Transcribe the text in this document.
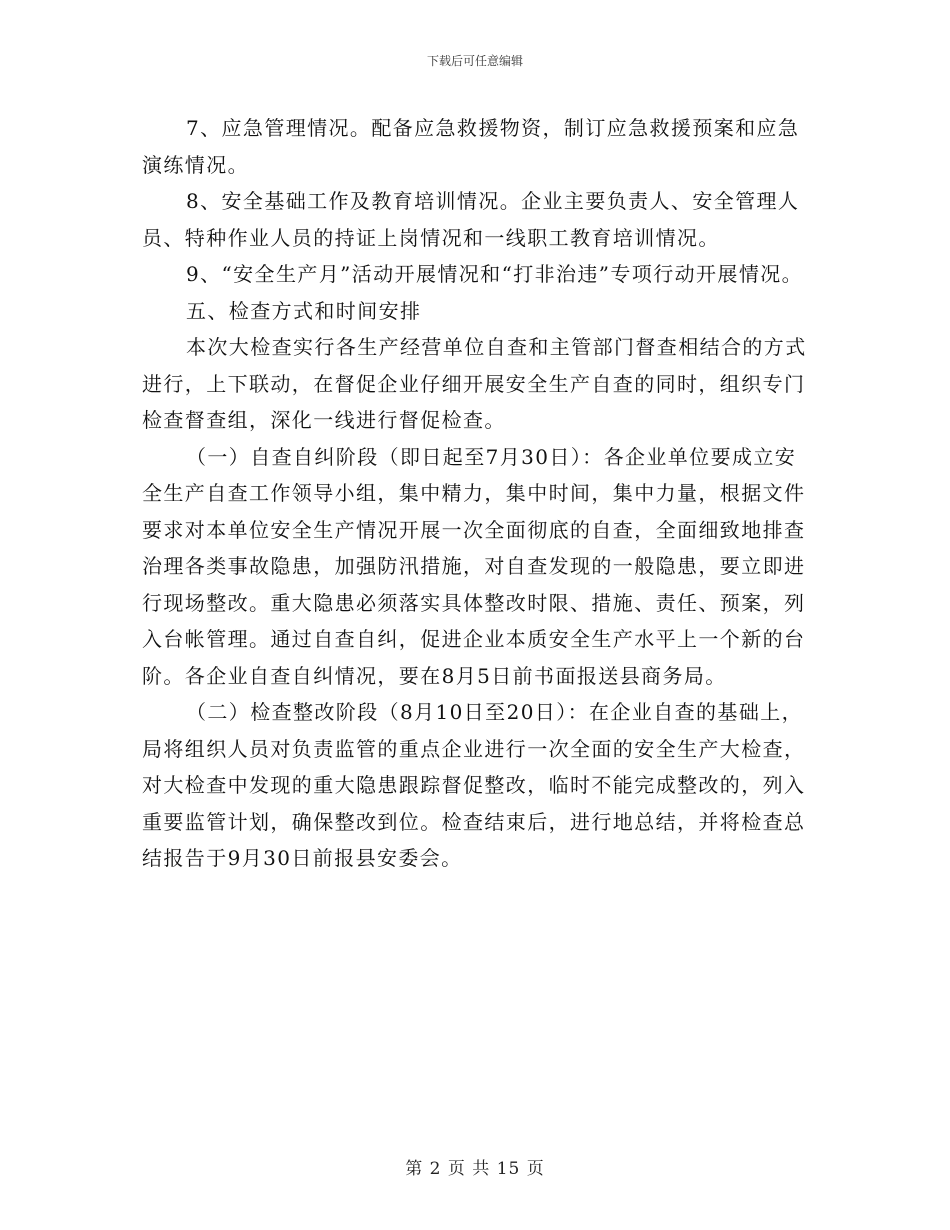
下载后可任意编辑

7、应急管理情况。配备应急救援物资，制订应急救援预案和应急演练情况。

8、安全基础工作及教育培训情况。企业主要负责人、安全管理人员、特种作业人员的持证上岗情况和一线职工教育培训情况。

9、“安全生产月”活动开展情况和“打非治违”专项行动开展情况。

五、检查方式和时间安排

本次大检查实行各生产经营单位自查和主管部门督查相结合的方式进行，上下联动，在督促企业仔细开展安全生产自查的同时，组织专门检查督查组，深化一线进行督促检查。

（一）自查自纠阶段（即日起至7月30日）：各企业单位要成立安全生产自查工作领导小组，集中精力，集中时间，集中力量，根据文件要求对本单位安全生产情况开展一次全面彻底的自查，全面细致地排查治理各类事故隐患，加强防汛措施，对自查发现的一般隐患，要立即进行现场整改。重大隐患必须落实具体整改时限、措施、责任、预案，列入台帐管理。通过自查自纠，促进企业本质安全生产水平上一个新的台阶。各企业自查自纠情况，要在8月5日前书面报送县商务局。

（二）检查整改阶段（8月10日至20日）：在企业自查的基础上，局将组织人员对负责监管的重点企业进行一次全面的安全生产大检查，对大检查中发现的重大隐患跟踪督促整改，临时不能完成整改的，列入重要监管计划，确保整改到位。检查结束后，进行地总结，并将检查总结报告于9月30日前报县安委会。

第 2 页 共 15 页
